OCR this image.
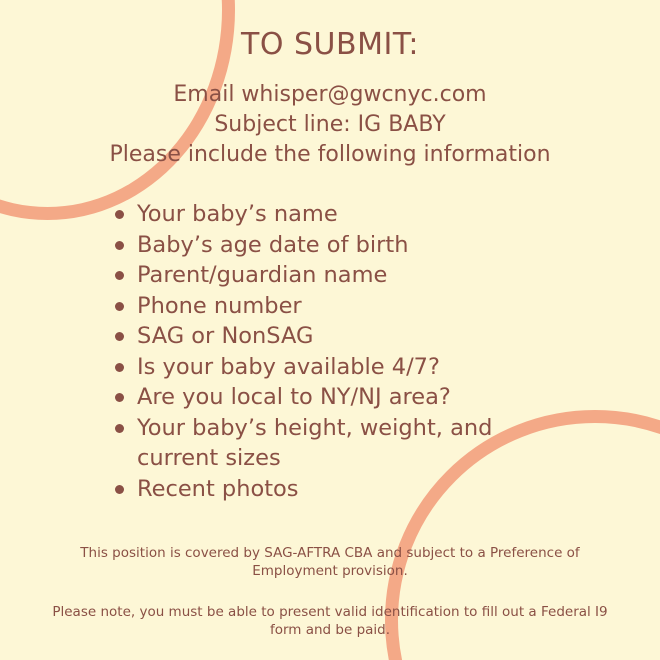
TO SUBMIT:
Email whisper@gwcnyc.com
Subject line: IG BABY
Please include the following information
Your baby’s name
Baby’s age date of birth
Parent/guardian name
Phone number
SAG or NonSAG
Is your baby available 4/7?
Are you local to NY/NJ area?
Your baby’s height, weight, and
current sizes
Recent photos
This position is covered by SAG-AFTRA CBA and subject to a Preference of
Employment provision.
Please note, you must be able to present valid identification to fill out a Federal I9
form and be paid.
